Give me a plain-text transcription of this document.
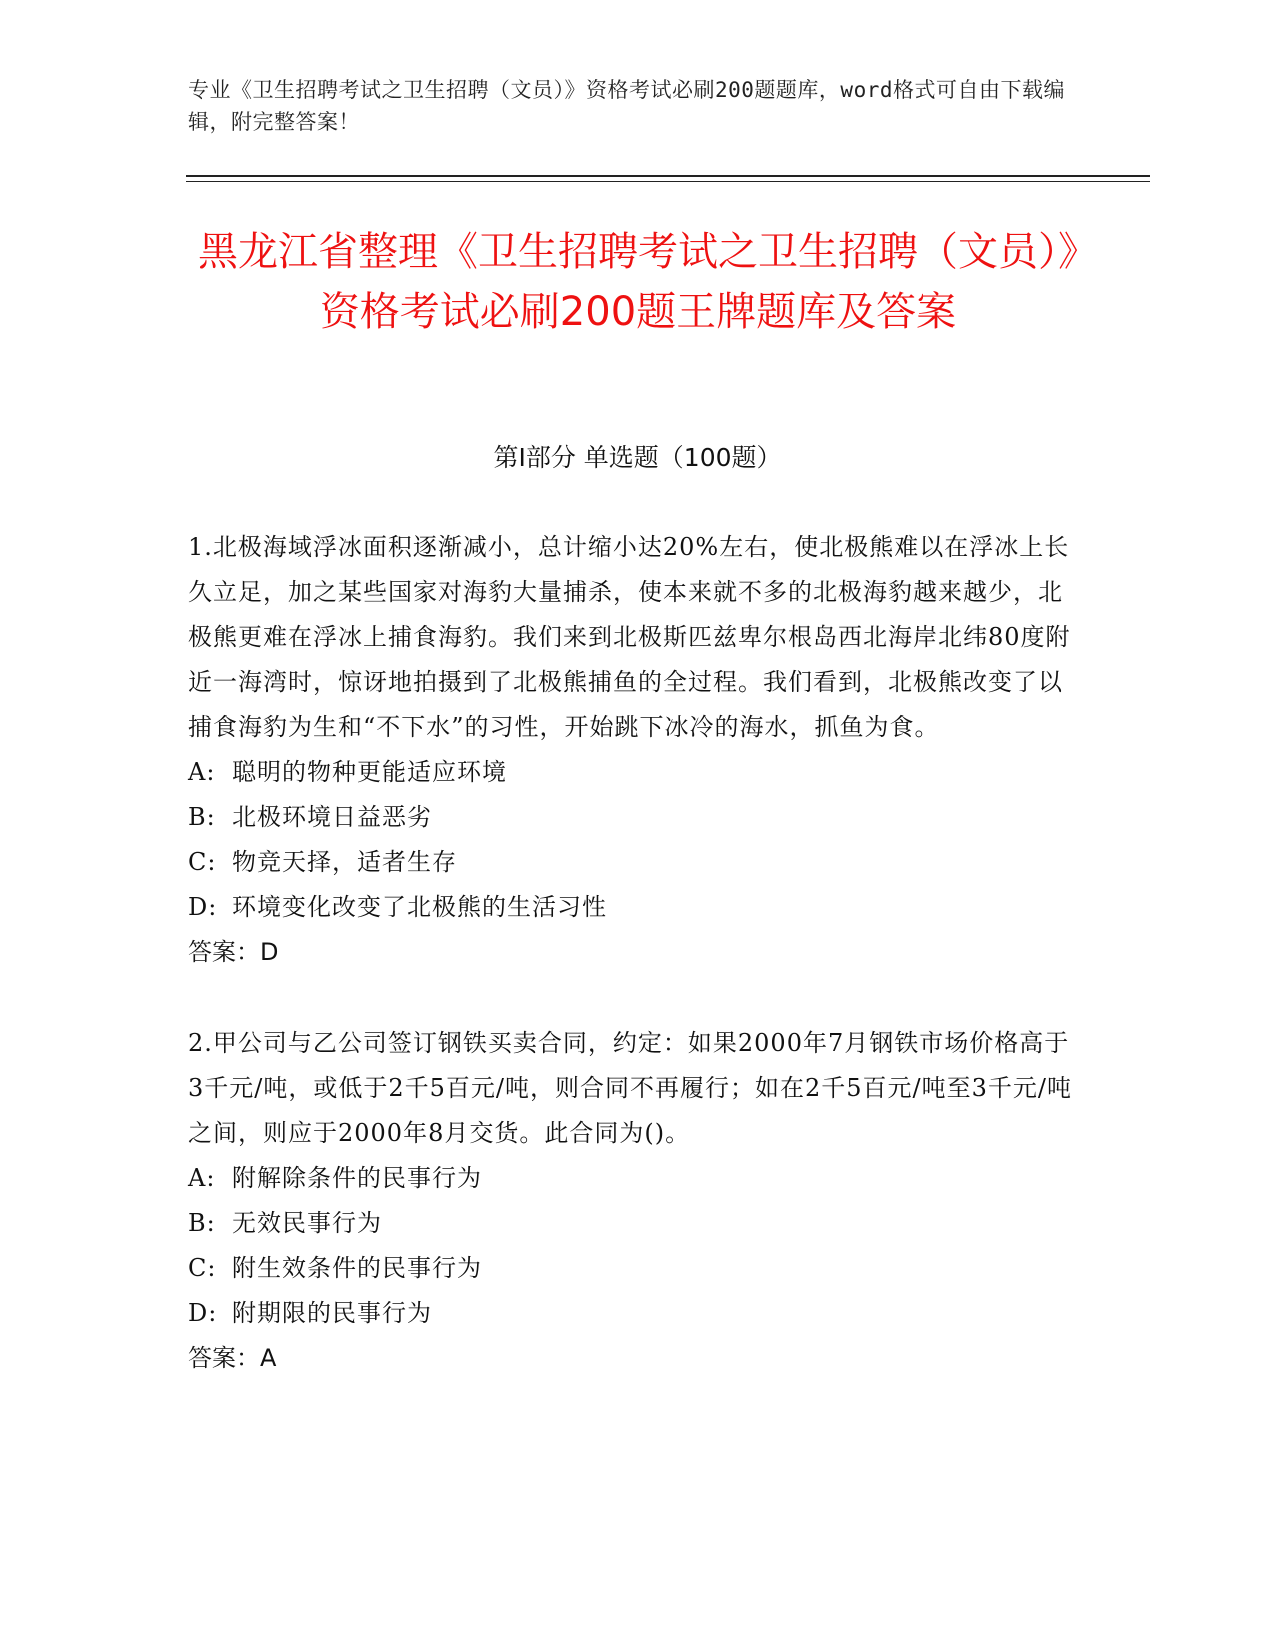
专业《卫生招聘考试之卫生招聘（文员）》资格考试必刷200题题库，word格式可自由下载编辑，附完整答案！
黑龙江省整理《卫生招聘考试之卫生招聘（文员）》资格考试必刷200题王牌题库及答案
第I部分 单选题（100题）

1.北极海域浮冰面积逐渐减小，总计缩小达20%左右，使北极熊难以在浮冰上长久立足，加之某些国家对海豹大量捕杀，使本来就不多的北极海豹越来越少，北极熊更难在浮冰上捕食海豹。我们来到北极斯匹兹卑尔根岛西北海岸北纬80度附近一海湾时，惊讶地拍摄到了北极熊捕鱼的全过程。我们看到，北极熊改变了以捕食海豹为生和“不下水”的习性，开始跳下冰冷的海水，抓鱼为食。

A: 聪明的物种更能适应环境
B: 北极环境日益恶劣
C: 物竞天择，适者生存
D: 环境变化改变了北极熊的生活习性
答案：D

2.甲公司与乙公司签订钢铁买卖合同，约定：如果2000年7月钢铁市场价格高于3千元/吨，或低于2千5百元/吨，则合同不再履行；如在2千5百元/吨至3千元/吨之间，则应于2000年8月交货。此合同为()。

A: 附解除条件的民事行为
B: 无效民事行为
C: 附生效条件的民事行为
D: 附期限的民事行为
答案：A
